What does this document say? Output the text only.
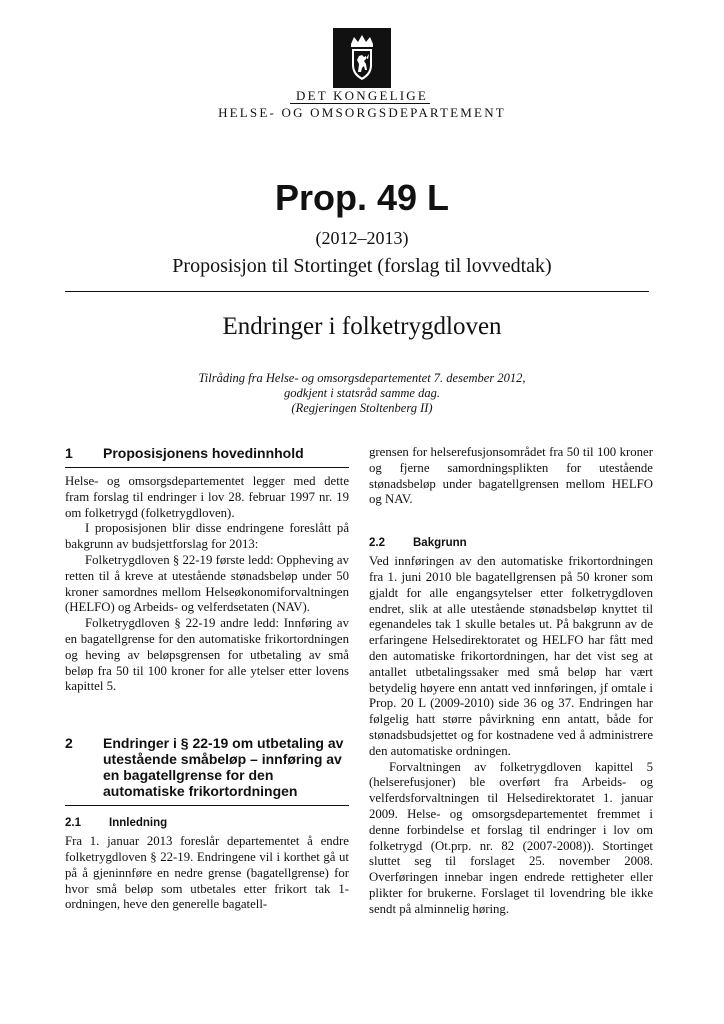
DET KONGELIGE
HELSE- OG OMSORGSDEPARTEMENT
Prop. 49 L
(2012–2013)
Proposisjon til Stortinget (forslag til lovvedtak)
Endringer i folketrygdloven
Tilråding fra Helse- og omsorgsdepartementet 7. desember 2012,
godkjent i statsråd samme dag.
(Regjeringen Stoltenberg II)
1	Proposisjonens hovedinnhold

Helse- og omsorgsdepartementet legger med dette fram forslag til endringer i lov 28. februar 1997 nr. 19 om folketrygd (folketrygdloven).

I proposisjonen blir disse endringene foreslått på bakgrunn av budsjettforslag for 2013:

Folketrygdloven § 22-19 første ledd: Oppheving av retten til å kreve at utestående stønadsbeløp under 50 kroner samordnes mellom Helseøkonomiforvaltningen (HELFO) og Arbeids- og velferdsetaten (NAV).

Folketrygdloven § 22-19 andre ledd: Innføring av en bagatellgrense for den automatiske frikortordningen og heving av beløpsgrensen for utbetaling av små beløp fra 50 til 100 kroner for alle ytelser etter lovens kapittel 5.

2	Endringer i § 22-19 om utbetaling av utestående småbeløp – innføring av en bagatellgrense for den automatiske frikortordningen
2.1	Innledning

Fra 1. januar 2013 foreslår departementet å endre folketrygdloven § 22-19. Endringene vil i korthet gå ut på å gjeninnføre en nedre grense (bagatellgrense) for hvor små beløp som utbetales etter frikort tak 1-ordningen, heve den generelle bagatell-

grensen for helserefusjonsområdet fra 50 til 100 kroner og fjerne samordningsplikten for utestående stønadsbeløp under bagatellgrensen mellom HELFO og NAV.

2.2	Bakgrunn

Ved innføringen av den automatiske frikortordningen fra 1. juni 2010 ble bagatellgrensen på 50 kroner som gjaldt for alle engangsytelser etter folketrygdloven endret, slik at alle utestående stønadsbeløp knyttet til egenandeles tak 1 skulle betales ut. På bakgrunn av de erfaringene Helsedirektoratet og HELFO har fått med den automatiske frikortordningen, har det vist seg at antallet utbetalingssaker med små beløp har vært betydelig høyere enn antatt ved innføringen, jf omtale i Prop. 20 L (2009-2010) side 36 og 37. Endringen har følgelig hatt større påvirkning enn antatt, både for stønadsbudsjettet og for kostnadene ved å administrere den automatiske ordningen.

Forvaltningen av folketrygdloven kapittel 5 (helserefusjoner) ble overført fra Arbeids- og velferdsforvaltningen til Helsedirektoratet 1. januar 2009. Helse- og omsorgsdepartementet fremmet i denne forbindelse et forslag til endringer i lov om folketrygd (Ot.prp. nr. 82 (2007-2008)). Stortinget sluttet seg til forslaget 25. november 2008. Overføringen innebar ingen endrede rettigheter eller plikter for brukerne. Forslaget til lovendring ble ikke sendt på alminnelig høring.
